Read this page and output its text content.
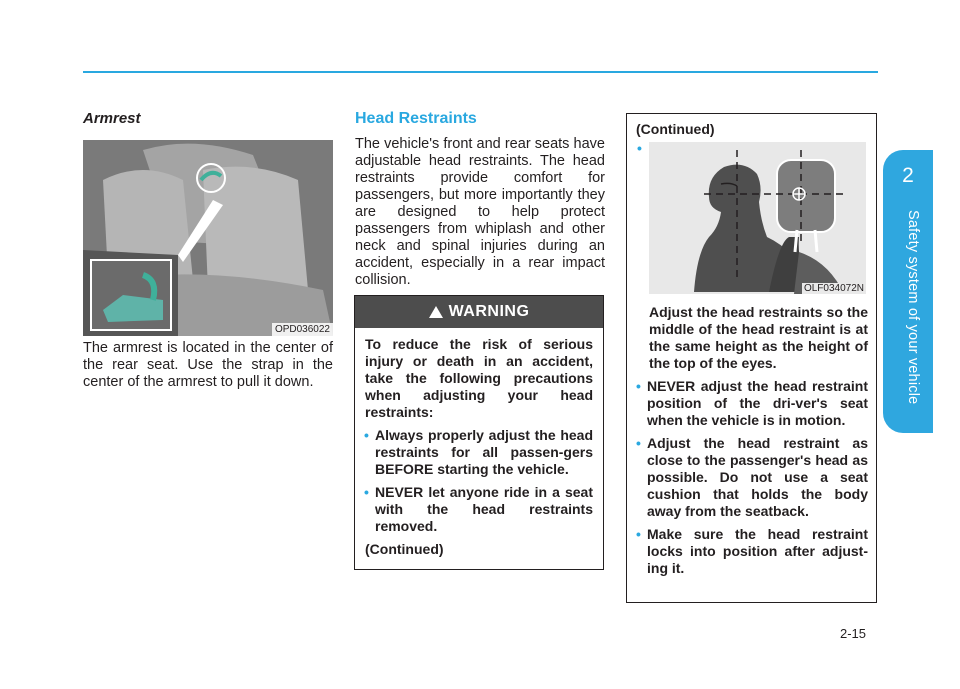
2
Safety system of your vehicle
Armrest
OPD036022

The armrest is located in the center of the rear seat. Use the strap in the center of the armrest to pull it down.

Head Restraints

The vehicle's front and rear seats have adjustable head restraints. The head restraints provide comfort for passengers, but more importantly they are designed to help protect passengers from whiplash and other neck and spinal injuries during an accident, especially in a rear impact collision.

WARNING

To reduce the risk of serious injury or death in an accident, take the following precautions when adjusting your head restraints:

• Always properly adjust the head restraints for all passen-gers BEFORE starting the vehicle.
• NEVER let anyone ride in a seat with the head restraints removed.

(Continued)

(Continued)
•
OLF034072N

Adjust the head restraints so the middle of the head restraint is at the same height as the height of the top of the eyes.

• NEVER adjust the head restraint position of the dri-ver's seat when the vehicle is in motion.
• Adjust the head restraint as close to the passenger's head as possible. Do not use a seat cushion that holds the body away from the seatback.
• Make sure the head restraint locks into position after adjust-ing it.
2-15
